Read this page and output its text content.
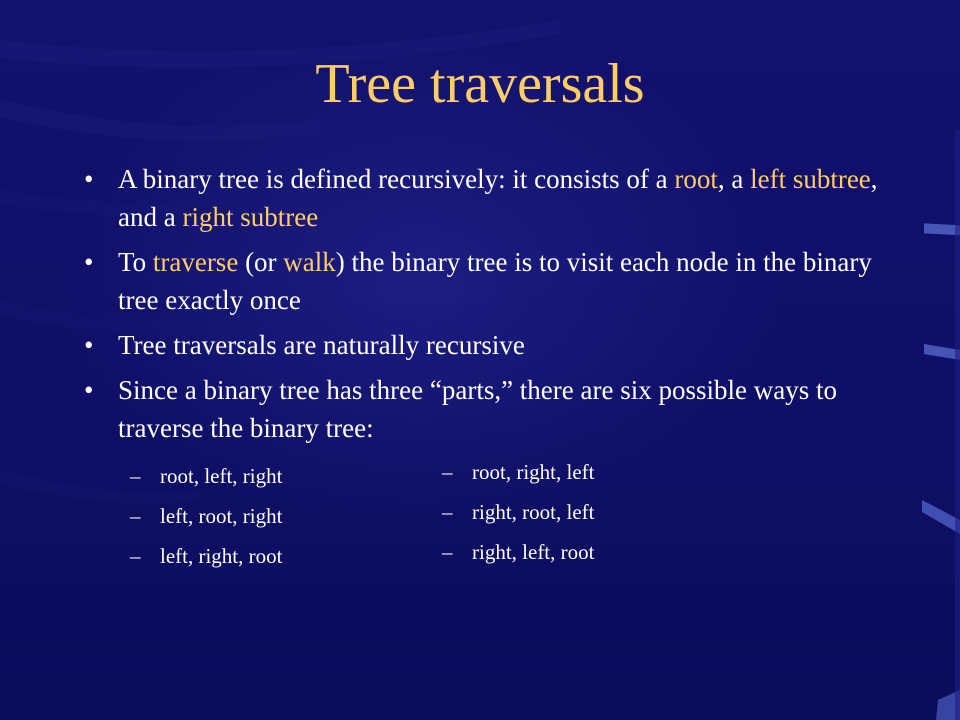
Tree traversals
• A binary tree is defined recursively: it consists of a root, a left subtree, and a right subtree
• To traverse (or walk) the binary tree is to visit each node in the binary tree exactly once
• Tree traversals are naturally recursive
• Since a binary tree has three “parts,” there are six possible ways to traverse the binary tree:
– root, left, right
– left, root, right
– left, right, root
– root, right, left
– right, root, left
– right, left, root
